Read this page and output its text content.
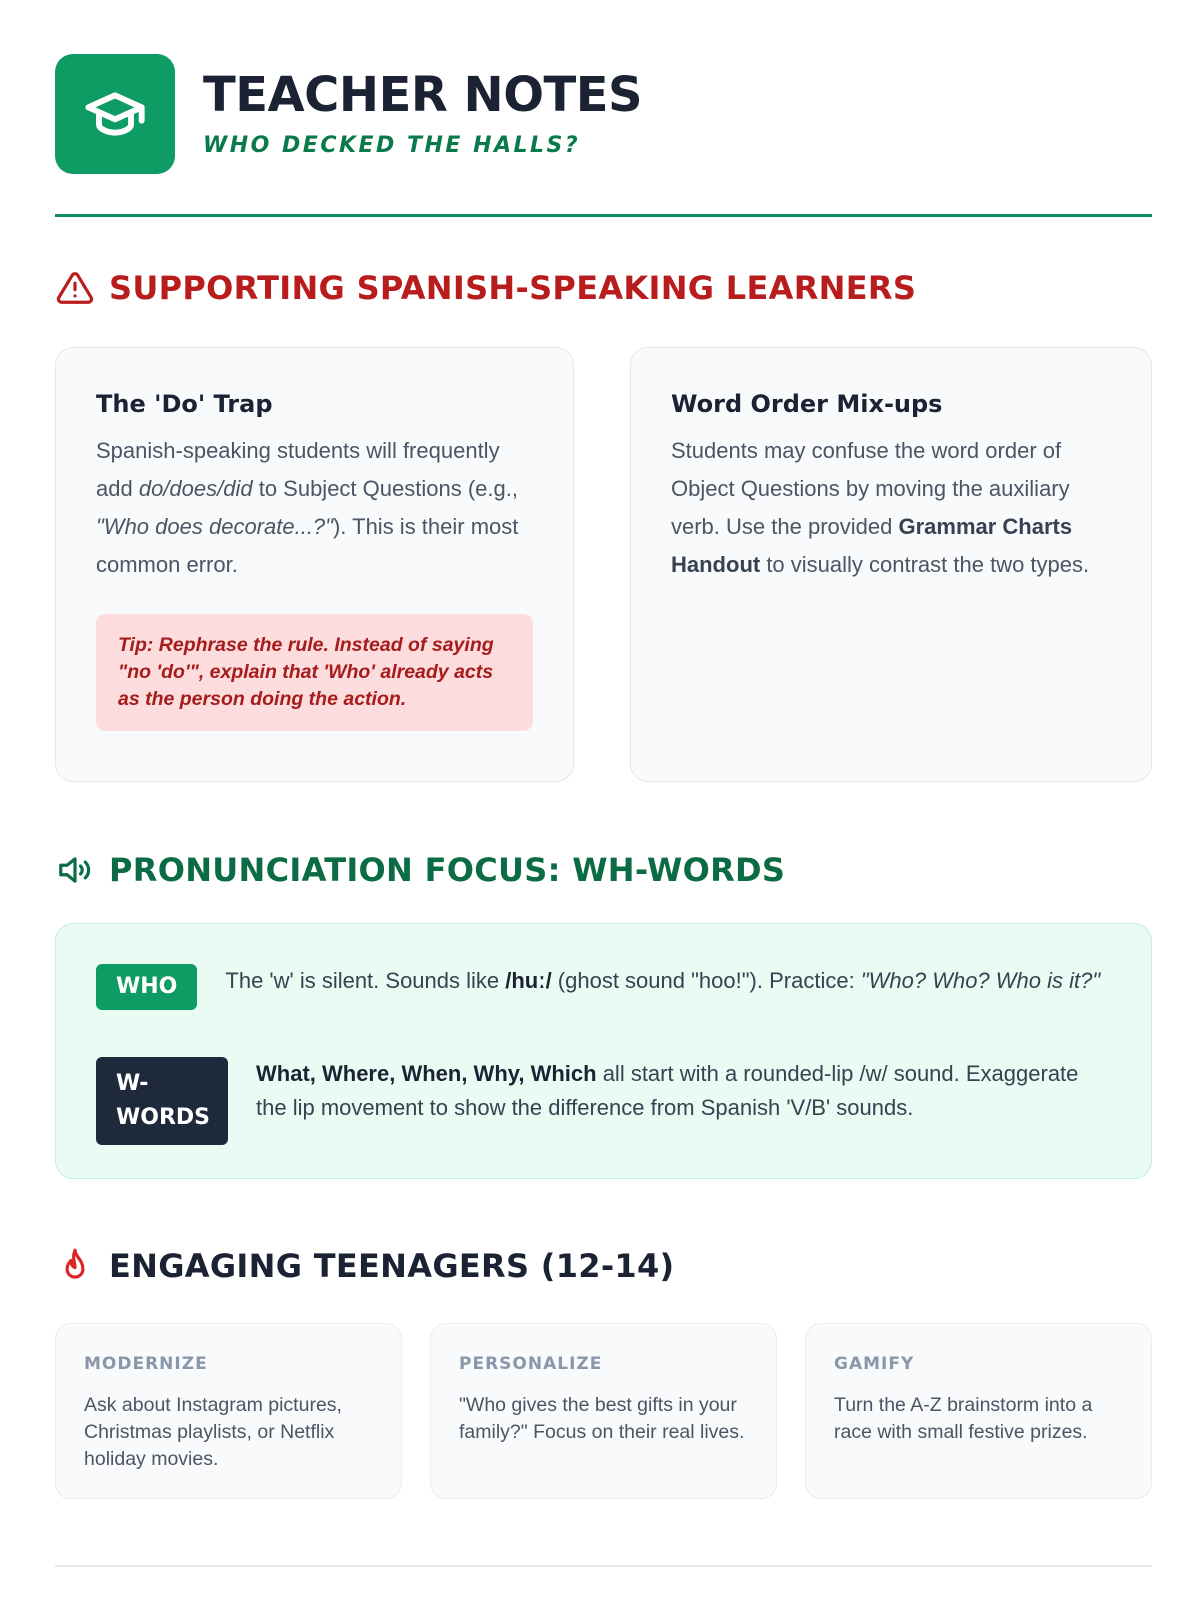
TEACHER NOTES
WHO DECKED THE HALLS?
SUPPORTING SPANISH-SPEAKING LEARNERS
The 'Do' Trap
Spanish-speaking students will frequently add do/does/did to Subject Questions (e.g., "Who does decorate...?"). This is their most common error.
Tip: Rephrase the rule. Instead of saying "no 'do'", explain that 'Who' already acts as the person doing the action.
Word Order Mix-ups
Students may confuse the word order of Object Questions by moving the auxiliary verb. Use the provided Grammar Charts Handout to visually contrast the two types.
PRONUNCIATION FOCUS: WH-WORDS
WHO	The 'w' is silent. Sounds like /huː/ (ghost sound "hoo!"). Practice: "Who? Who? Who is it?"
W-WORDS
What, Where, When, Why, Which all start with a rounded-lip /w/ sound. Exaggerate the lip movement to show the difference from Spanish 'V/B' sounds.
ENGAGING TEENAGERS (12-14)
MODERNIZE
Ask about Instagram pictures, Christmas playlists, or Netflix holiday movies.
PERSONALIZE
"Who gives the best gifts in your family?" Focus on their real lives.
GAMIFY
Turn the A-Z brainstorm into a race with small festive prizes.
